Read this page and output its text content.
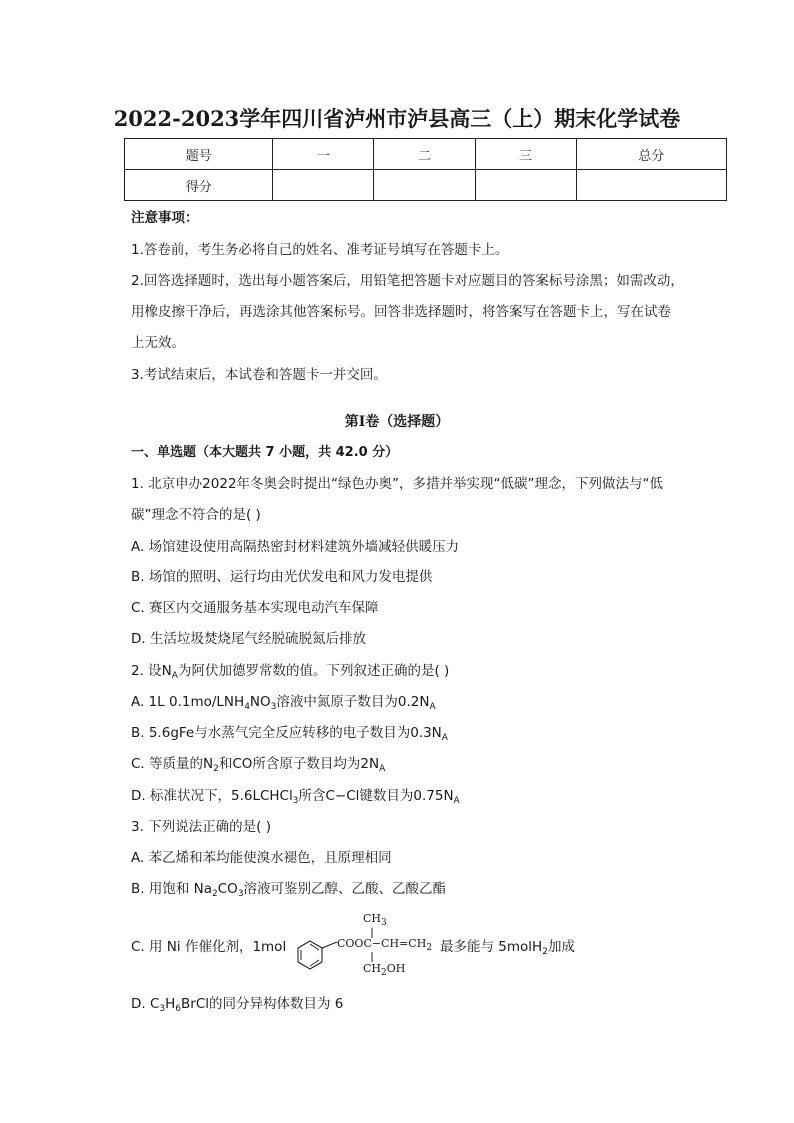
2022-2023学年四川省泸州市泸县高三（上）期末化学试卷
题号	一	二	三	总分
得分				
注意事项：
1.答卷前，考生务必将自己的姓名、准考证号填写在答题卡上。
2.回答选择题时，选出每小题答案后，用铅笔把答题卡对应题目的答案标号涂黑；如需改动，
用橡皮擦干净后，再选涂其他答案标号。回答非选择题时，将答案写在答题卡上，写在试卷
上无效。
3.考试结束后，本试卷和答题卡一并交回。
第Ⅰ卷（选择题）
一、单选题（本大题共 7 小题，共 42.0 分）
1. 北京申办2022年冬奥会时提出“绿色办奥”，多措并举实现“低碳”理念，下列做法与“低
碳”理念不符合的是( )
A. 场馆建设使用高隔热密封材料建筑外墙减轻供暖压力
B. 场馆的照明、运行均由光伏发电和风力发电提供
C. 赛区内交通服务基本实现电动汽车保障
D. 生活垃圾焚烧尾气经脱硫脱氮后排放
2. 设$N_A$为阿伏加德罗常数的值。下列叙述正确的是( )
A. 1L $0.1mo/LNH_4NO_3$溶液中氮原子数目为$0.2N_A$
B. 5.6gFe与水蒸气完全反应转移的电子数目为$0.3N_A$
C. 等质量的$N_2$和CO所含原子数目均为$2N_A$
D. 标准状况下，5.6LCHCl$_3$所含C−Cl键数目为$0.75N_A$
3. 下列说法正确的是( )
A. 苯乙烯和苯均能使溴水褪色，且原理相同
B. 用饱和 $Na_2CO_3$溶液可鉴别乙醇、乙酸、乙酸乙酯
C. 用 Ni 作催化剂，1mol
$CH_3$
$COOC-CH=CH_2$
$CH_2OH$
最多能与 5molH$_2$加成
D. $C_3H_6BrCl$的同分异构体数目为 6
